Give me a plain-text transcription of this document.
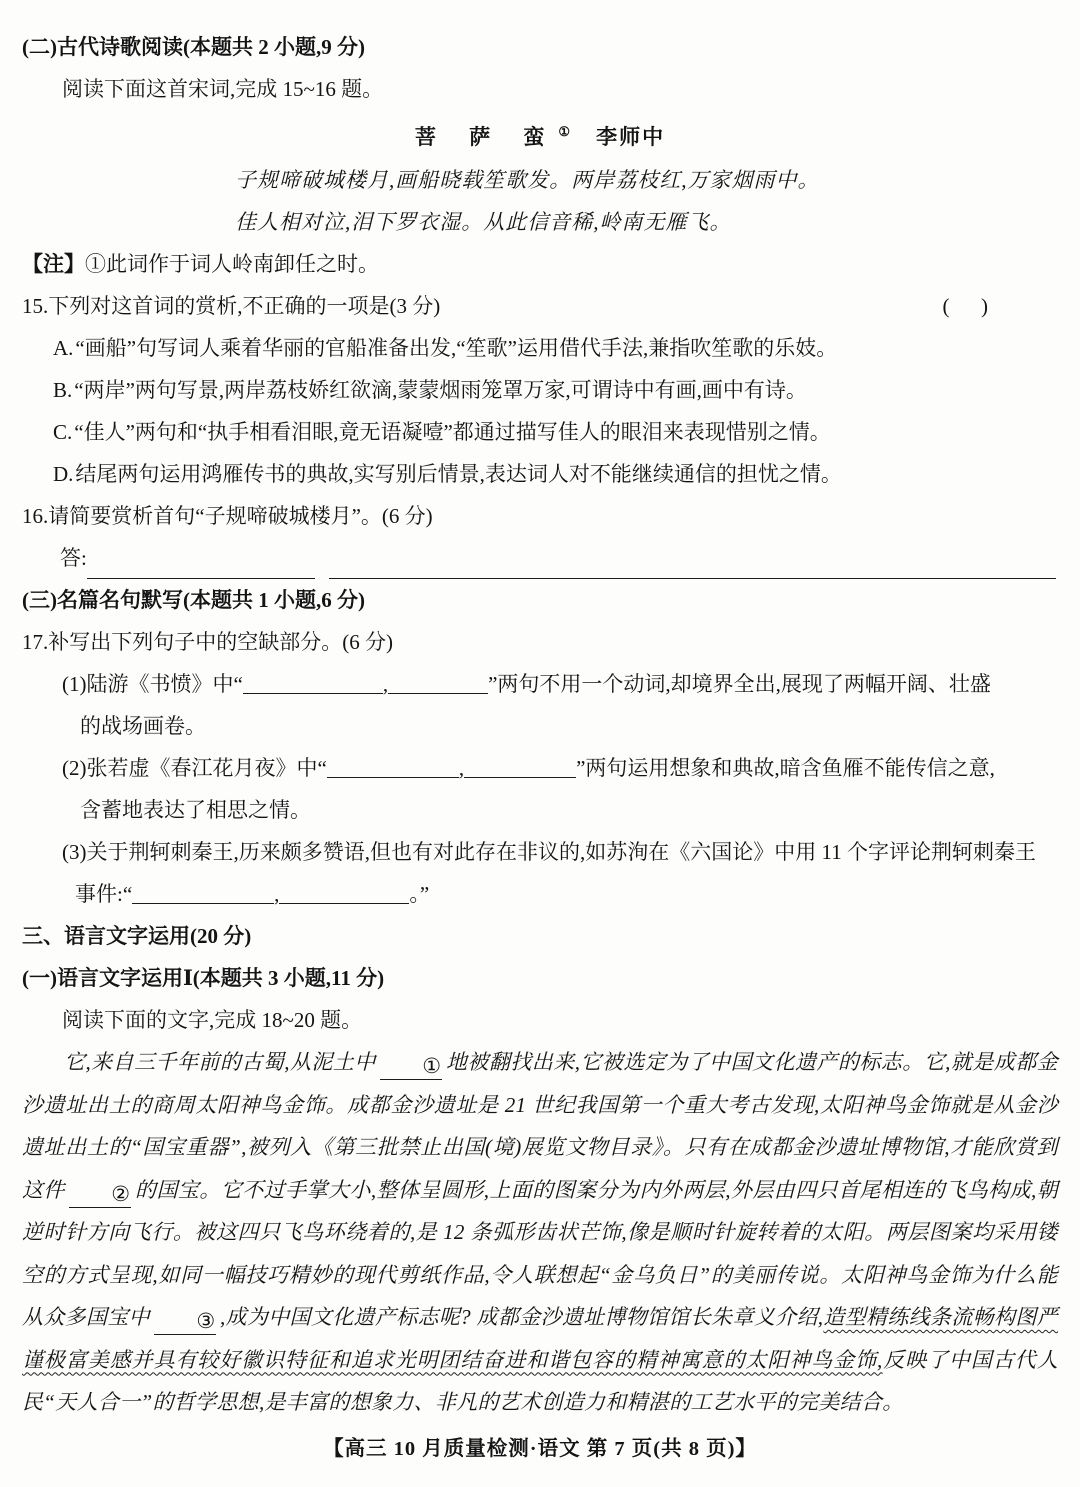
(二)古代诗歌阅读(本题共 2 小题,9 分)
阅读下面这首宋词,完成 15~16 题。
菩 萨 蛮① 李师中
子规啼破城楼月,画船晓载笙歌发。两岸荔枝红,万家烟雨中。
佳人相对泣,泪下罗衣湿。从此信音稀,岭南无雁飞。
【注】①此词作于词人岭南卸任之时。
15.下列对这首词的赏析,不正确的一项是(3 分)	(      )
A.“画船”句写词人乘着华丽的官船准备出发,“笙歌”运用借代手法,兼指吹笙歌的乐妓。
B.“两岸”两句写景,两岸荔枝娇红欲滴,蒙蒙烟雨笼罩万家,可谓诗中有画,画中有诗。
C.“佳人”两句和“执手相看泪眼,竟无语凝噎”都通过描写佳人的眼泪来表现惜别之情。
D.结尾两句运用鸿雁传书的典故,实写别后情景,表达词人对不能继续通信的担忧之情。
16.请简要赏析首句“子规啼破城楼月”。(6 分)
答:
(三)名篇名句默写(本题共 1 小题,6 分)
17.补写出下列句子中的空缺部分。(6 分)
(1)陆游《书愤》中“	,	”两句不用一个动词,却境界全出,展现了两幅开阔、壮盛
的战场画卷。
(2)张若虚《春江花月夜》中“	,	”两句运用想象和典故,暗含鱼雁不能传信之意,
含蓄地表达了相思之情。
(3)关于荆轲刺秦王,历来颇多赞语,但也有对此存在非议的,如苏洵在《六国论》中用 11 个字评论荆轲刺秦王
事件:“	,	。”
三、语言文字运用(20 分)
(一)语言文字运用Ⅰ(本题共 3 小题,11 分)
阅读下面的文字,完成 18~20 题。

它,来自三千年前的古蜀,从泥土中 ① 地被翻找出来,它被选定为了中国文化遗产的标志。它,就是成都金沙遗址出土的商周太阳神鸟金饰。成都金沙遗址是 21 世纪我国第一个重大考古发现,太阳神鸟金饰就是从金沙遗址出土的“国宝重器”,被列入《第三批禁止出国(境)展览文物目录》。只有在成都金沙遗址博物馆,才能欣赏到这件 ② 的国宝。它不过手掌大小,整体呈圆形,上面的图案分为内外两层,外层由四只首尾相连的飞鸟构成,朝逆时针方向飞行。被这四只飞鸟环绕着的,是 12 条弧形齿状芒饰,像是顺时针旋转着的太阳。两层图案均采用镂空的方式呈现,如同一幅技巧精妙的现代剪纸作品,令人联想起“金乌负日”的美丽传说。太阳神鸟金饰为什么能从众多国宝中 ③ ,成为中国文化遗产标志呢? 成都金沙遗址博物馆馆长朱章义介绍,造型精练线条流畅构图严谨极富美感并具有较好徽识特征和追求光明团结奋进和谐包容的精神寓意的太阳神鸟金饰,反映了中国古代人民“天人合一”的哲学思想,是丰富的想象力、非凡的艺术创造力和精湛的工艺水平的完美结合。

【高三 10 月质量检测·语文 第 7 页(共 8 页)】
